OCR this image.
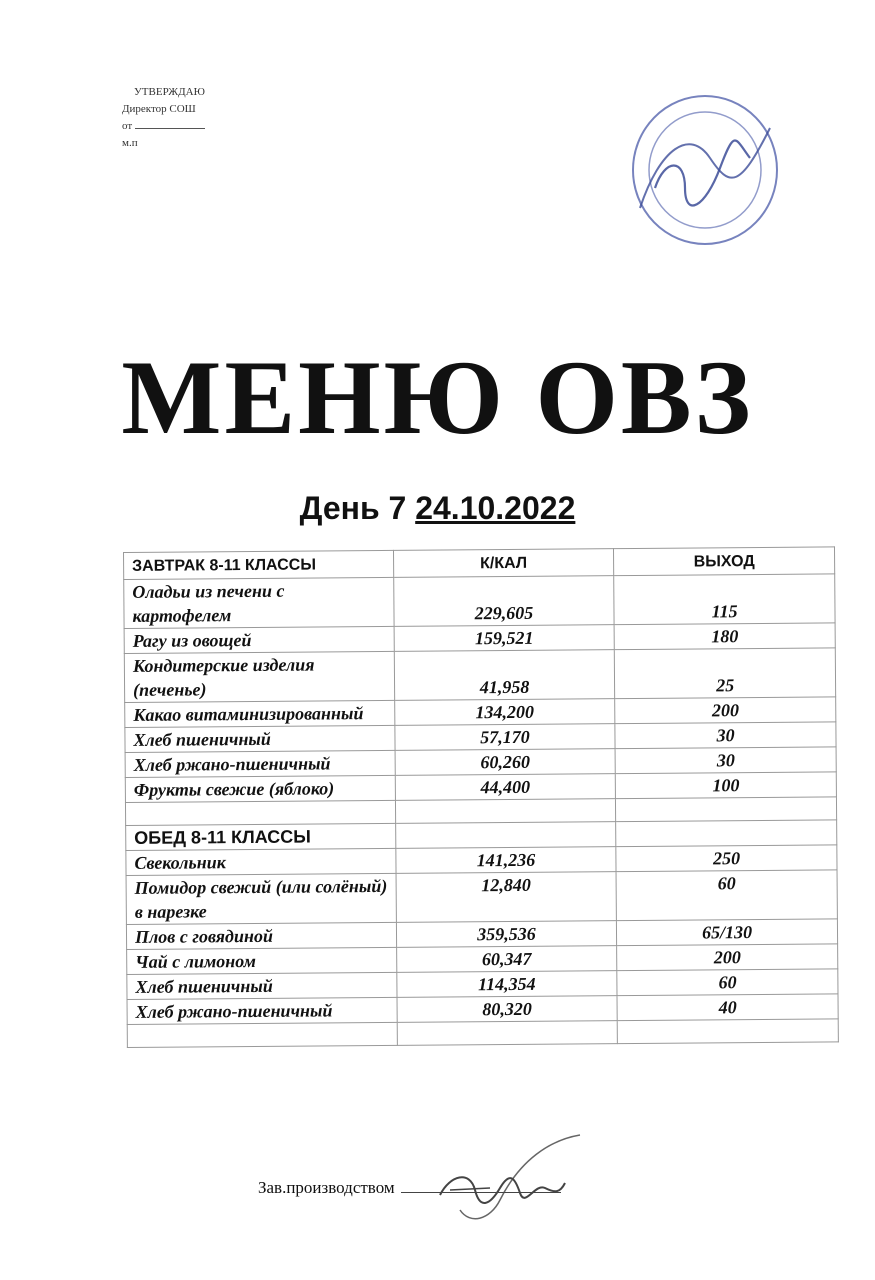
УТВЕРЖДАЮ
Директор СОШ
от
м.п
МЕНЮ ОВЗ
День 7 24.10.2022
ЗАВТРАК 8-11 КЛАССЫ	К/КАЛ	ВЫХОД
Оладьи из печени с картофелем	229,605	115
Рагу из овощей	159,521	180
Кондитерские изделия (печенье)	41,958	25
Какао витаминизированный	134,200	200
Хлеб пшеничный	57,170	30
Хлеб ржано-пшеничный	60,260	30
Фрукты свежие (яблоко)	44,400	100

ОБЕД 8-11 КЛАССЫ		
Свекольник	141,236	250
Помидор свежий (или солёный) в нарезке	12,840	60
Плов с говядиной	359,536	65/130
Чай с лимоном	60,347	200
Хлеб пшеничный	114,354	60
Хлеб ржано-пшеничный	80,320	40

Зав.производством
